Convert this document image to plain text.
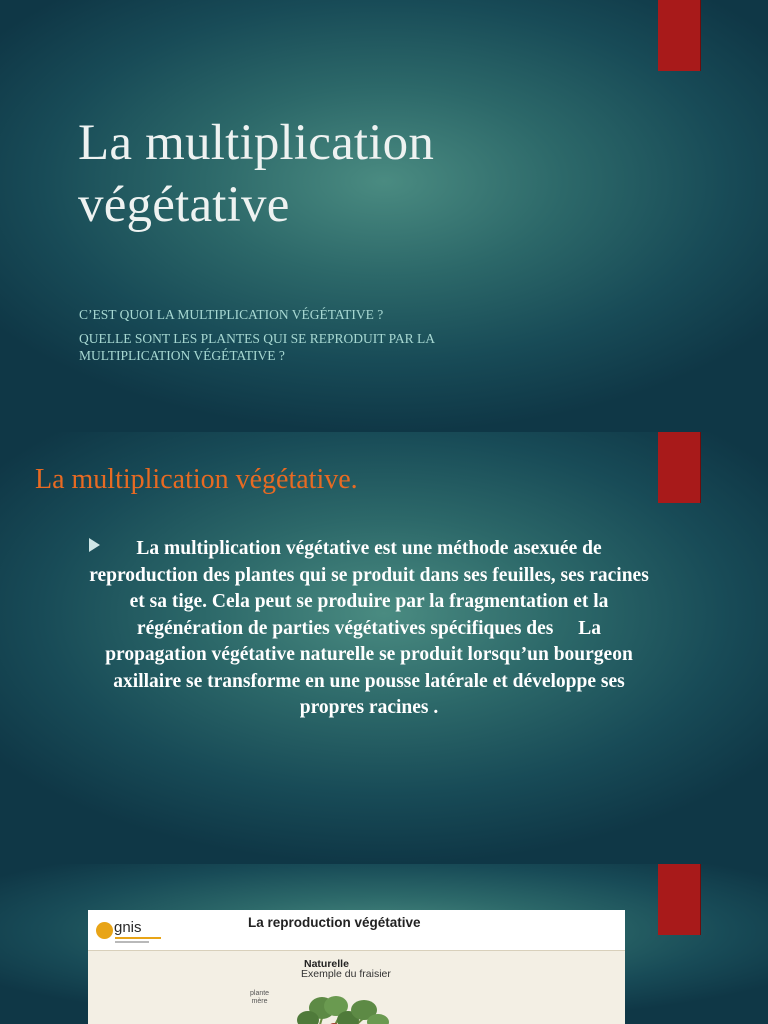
La multiplication
végétative
C’EST QUOI LA MULTIPLICATION VÉGÉTATIVE ?
QUELLE SONT LES PLANTES QUI SE REPRODUIT PAR LA
MULTIPLICATION VÉGÉTATIVE ?
La multiplication végétative.

La multiplication végétative est une méthode asexuée de reproduction des plantes qui se produit dans ses feuilles, ses racines et sa tige. Cela peut se produire par la fragmentation et la régénération de parties végétatives spécifiques des La propagation végétative naturelle se produit lorsqu’un bourgeon axillaire se transforme en une pousse latérale et développe ses propres racines .

gnis	La reproduction végétative
Naturelle
Exemple du fraisier
plante
mère
